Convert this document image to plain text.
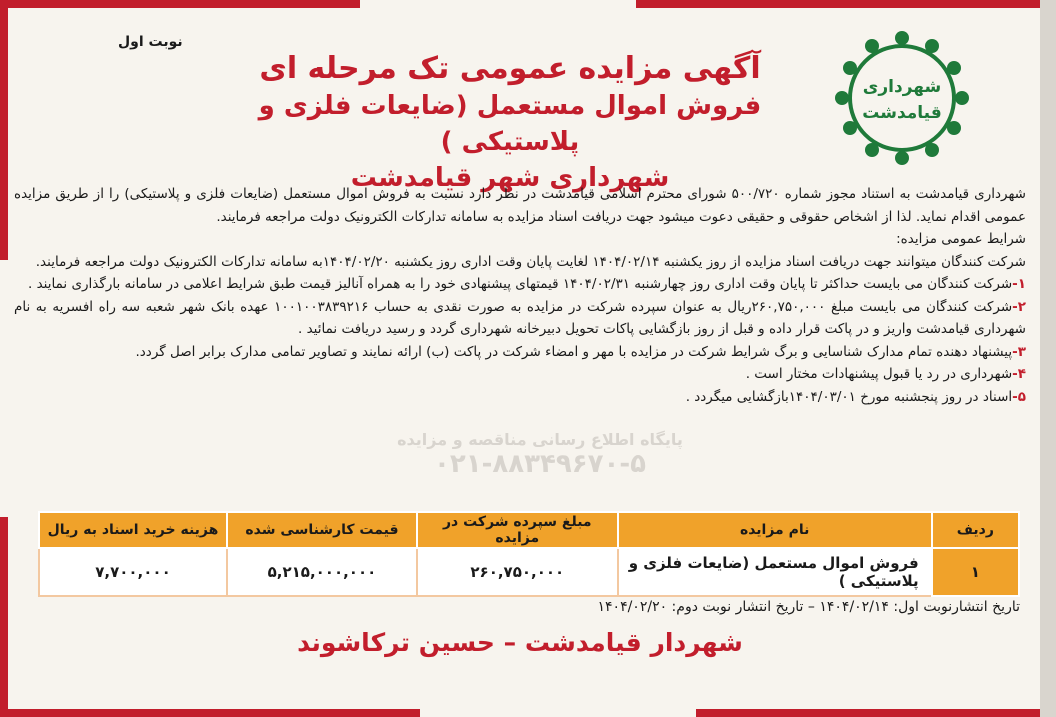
نوبت اول
شهرداری
قیامدشت
آگهی مزایده عمومی تک مرحله ای
فروش اموال مستعمل (ضایعات فلزی و پلاستیکی )
شهرداری شهر قیامدشت
پایگاه اطلاع رسانی مناقصه و مزایده
۰۲۱-۸۸۳۴۹۶۷۰-۵

شهرداری قیامدشت به استناد مجوز شماره ۵۰۰/۷۲۰ شورای محترم اسلامی قیامدشت در نظر دارد نسبت به فروش اموال مستعمل (ضایعات فلزی و پلاستیکی) را از طریق مزایده عمومی اقدام نماید. لذا از اشخاص حقوقی و حقیقی دعوت میشود جهت دریافت اسناد مزایده به سامانه تدارکات الکترونیک دولت مراجعه فرمایند.

شرایط عمومی مزایده:

شرکت کنندگان میتوانند جهت دریافت اسناد مزایده از روز یکشنبه ۱۴۰۴/۰۲/۱۴ لغایت پایان وقت اداری روز یکشنبه ۱۴۰۴/۰۲/۲۰به سامانه تدارکات الکترونیک دولت مراجعه فرمایند.

۱-شرکت کنندگان می بایست حداکثر تا پایان وقت اداری روز چهارشنبه ۱۴۰۴/۰۲/۳۱ قیمتهای پیشنهادی خود را به همراه آنالیز قیمت طبق شرایط اعلامی در سامانه بارگذاری نمایند .

۲-شرکت کنندگان می بایست مبلغ ۲۶۰,۷۵۰,۰۰۰ریال به عنوان سپرده شرکت در مزایده به صورت نقدی به حساب ۱۰۰۱۰۰۳۸۳۹۲۱۶ عهده بانک شهر شعبه سه راه افسریه به نام شهرداری قیامدشت واریز و در پاکت قرار داده و قبل از روز بازگشایی پاکات تحویل دبیرخانه شهرداری گردد و رسید دریافت نمائید .

۳-پیشنهاد دهنده تمام مدارک شناسایی و برگ شرایط شرکت در مزایده با مهر و امضاء شرکت در پاکت (ب) ارائه نمایند و تصاویر تمامی مدارک برابر اصل گردد.

۴-شهرداری در رد یا قبول پیشنهادات مختار است .

۵-اسناد در روز پنجشنبه مورخ ۱۴۰۴/۰۳/۰۱بازگشایی میگردد .

ردیف	نام مزایده	مبلغ سپرده شرکت در مزایده	قیمت کارشناسی شده	هزینه خرید اسناد به ریال
۱	فروش اموال مستعمل (ضایعات فلزی و پلاستیکی )	۲۶۰,۷۵۰,۰۰۰	۵,۲۱۵,۰۰۰,۰۰۰	۷,۷۰۰,۰۰۰
تاریخ انتشارنوبت اول: ۱۴۰۴/۰۲/۱۴ – تاریخ انتشار نوبت دوم: ۱۴۰۴/۰۲/۲۰
شهردار قیامدشت – حسین ترکاشوند
